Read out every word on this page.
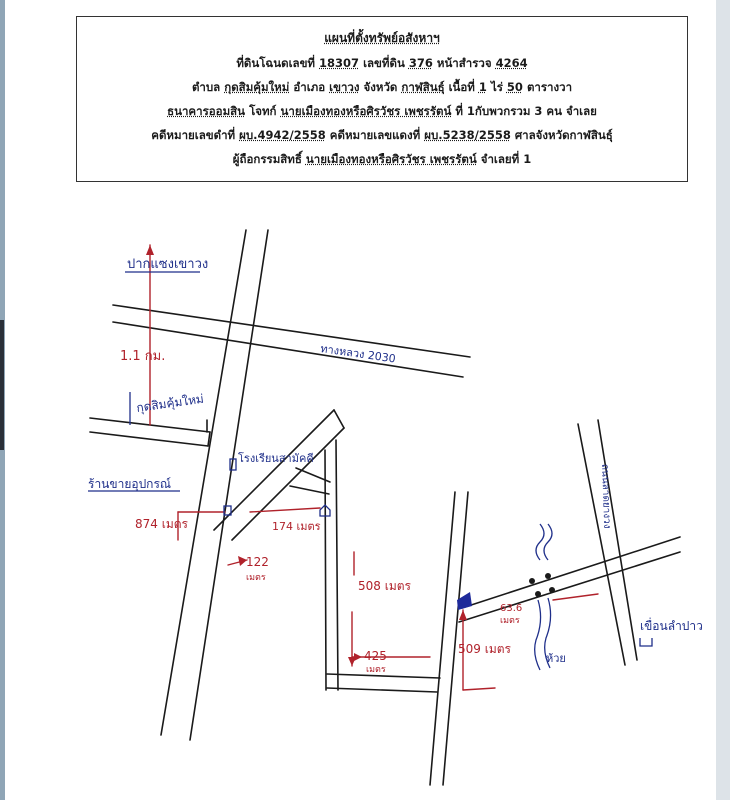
แผนที่ตั้งทรัพย์อสังหาฯ
ที่ดินโฉนดเลขที่ 18307 เลขที่ดิน 376 หน้าสำรวจ 4264
ตำบล กุดสิมคุ้มใหม่ อำเภอ เขาวง จังหวัด กาฬสินธุ์ เนื้อที่ 1 ไร่ 50 ตารางวา
ธนาคารออมสิน โจทก์ นายเมืองทองหรือศิรวัชร เพชรรัตน์ ที่ 1กับพวกรวม 3 คน จำเลย
คดีหมายเลขดำที่ ผบ.4942/2558 คดีหมายเลขแดงที่ ผบ.5238/2558 ศาลจังหวัดกาฬสินธุ์
ผู้ถือกรรมสิทธิ์ นายเมืองทองหรือศิรวัชร เพชรรัตน์ จำเลยที่ 1
ปากแซงเขาวง
ทางหลวง 2030
กุดสิมคุ้มใหม่
โรงเรียนสามัคคี
ร้านขายอุปกรณ์	ถนนลาดยางวง
ห้วย
เขื่อนลำปาว
1.1 กม.
874 เมตร
122
เมตร
174 เมตร
508 เมตร
425
เมตร
509 เมตร
63.6
เมตร
